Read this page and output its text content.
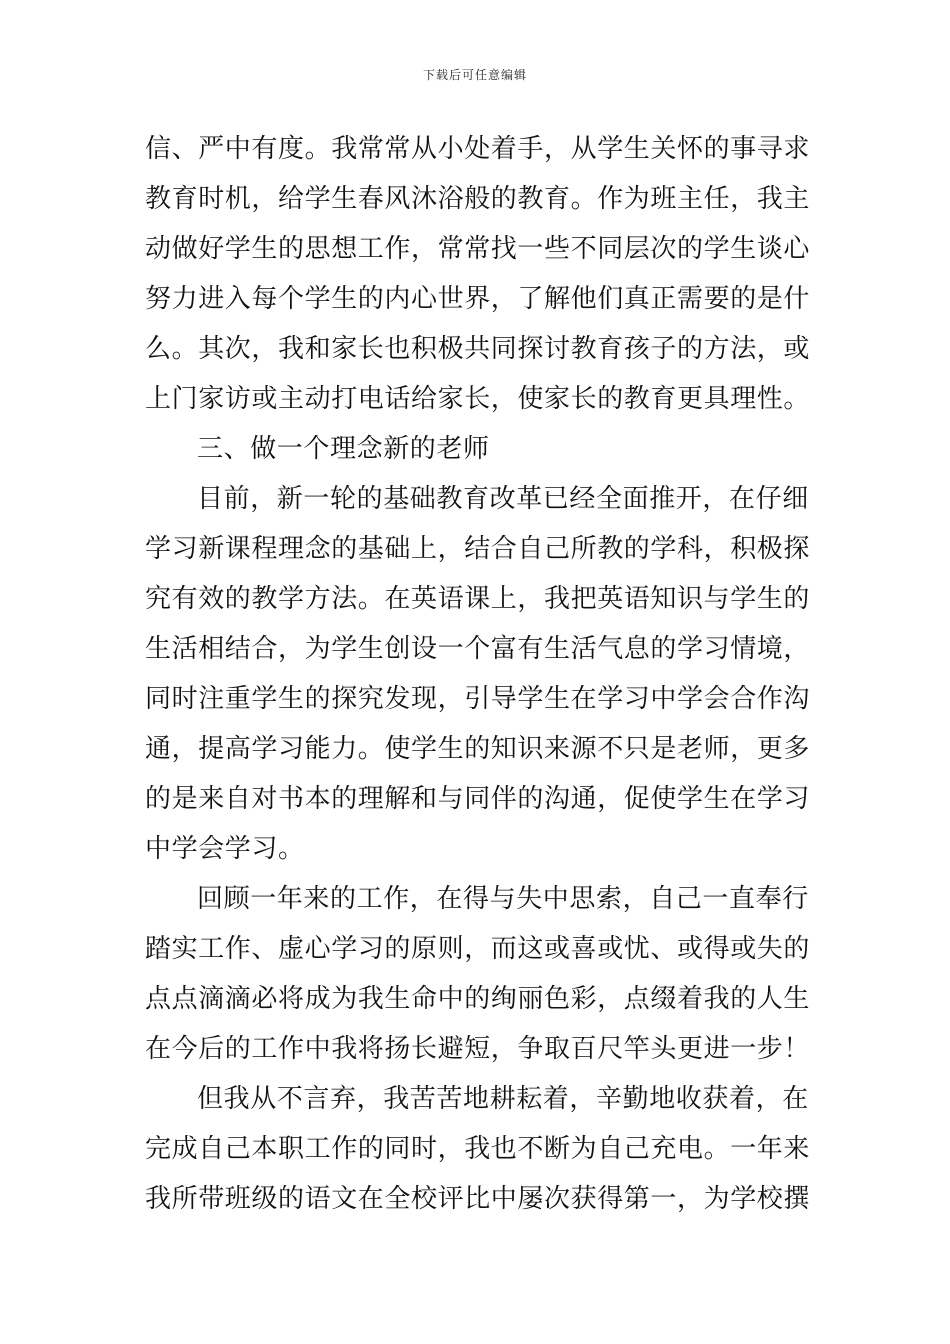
下载后可任意编辑
信、严中有度。我常常从小处着手，从学生关怀的事寻求
教育时机，给学生春风沐浴般的教育。作为班主任，我主
动做好学生的思想工作，常常找一些不同层次的学生谈心
努力进入每个学生的内心世界，了解他们真正需要的是什
么。其次，我和家长也积极共同探讨教育孩子的方法，或
上门家访或主动打电话给家长，使家长的教育更具理性。
三、做一个理念新的老师
目前，新一轮的基础教育改革已经全面推开，在仔细
学习新课程理念的基础上，结合自己所教的学科，积极探
究有效的教学方法。在英语课上，我把英语知识与学生的
生活相结合，为学生创设一个富有生活气息的学习情境，
同时注重学生的探究发现，引导学生在学习中学会合作沟
通，提高学习能力。使学生的知识来源不只是老师，更多
的是来自对书本的理解和与同伴的沟通，促使学生在学习
中学会学习。
回顾一年来的工作，在得与失中思索，自己一直奉行
踏实工作、虚心学习的原则，而这或喜或忧、或得或失的
点点滴滴必将成为我生命中的绚丽色彩，点缀着我的人生
在今后的工作中我将扬长避短，争取百尺竿头更进一步！
但我从不言弃，我苦苦地耕耘着，辛勤地收获着，在
完成自己本职工作的同时，我也不断为自己充电。一年来
我所带班级的语文在全校评比中屡次获得第一，为学校撰
